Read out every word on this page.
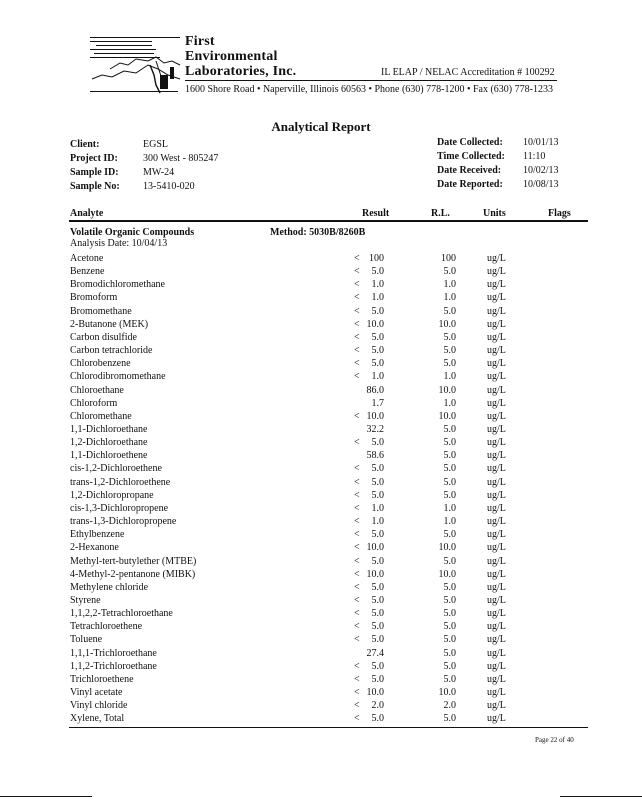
First
Environmental
Laboratories, Inc.	IL ELAP / NELAC Accreditation # 100292
1600 Shore Road • Naperville, Illinois 60563 • Phone (630) 778-1200 • Fax (630) 778-1233
Analytical Report
Client:	EGSL
Project ID:	300 West - 805247
Sample ID: MW-24
Sample No: 13-5410-020
Date Collected: 10/01/13
Time Collected: 11:10
Date Received: 10/02/13
Date Reported: 10/08/13
Analyte	Result	R.L.	Units	Flags
Volatile Organic Compounds	Method: 5030B/8260B
Analysis Date: 10/04/13
Acetone	< 100	100	ug/L
Benzene	<	5.0	5.0	ug/L
Bromodichloromethane	<	1.0	1.0	ug/L
Bromoform	<	1.0	1.0	ug/L
Bromomethane	<	5.0	5.0	ug/L
2-Butanone (MEK)	< 10.0	10.0	ug/L
Carbon disulfide	<	5.0	5.0	ug/L
Carbon tetrachloride	<	5.0	5.0	ug/L
Chlorobenzene	<	5.0	5.0	ug/L
Chlorodibromomethane	<	1.0	1.0	ug/L
Chloroethane	86.0	10.0	ug/L
Chloroform	1.7	1.0	ug/L
Chloromethane	< 10.0	10.0	ug/L
1,1-Dichloroethane	32.2	5.0	ug/L
1,2-Dichloroethane	<	5.0	5.0	ug/L
1,1-Dichloroethene	58.6	5.0	ug/L
cis-1,2-Dichloroethene	<	5.0	5.0	ug/L
trans-1,2-Dichloroethene	<	5.0	5.0	ug/L
1,2-Dichloropropane	<	5.0	5.0	ug/L
cis-1,3-Dichloropropene	<	1.0	1.0	ug/L
trans-1,3-Dichloropropene	<	1.0	1.0	ug/L
Ethylbenzene	<	5.0	5.0	ug/L
2-Hexanone	< 10.0	10.0	ug/L
Methyl-tert-butylether (MTBE)	<	5.0	5.0	ug/L
4-Methyl-2-pentanone (MIBK)	< 10.0	10.0	ug/L
Methylene chloride	<	5.0	5.0	ug/L
Styrene	<	5.0	5.0	ug/L
1,1,2,2-Tetrachloroethane	<	5.0	5.0	ug/L
Tetrachloroethene	<	5.0	5.0	ug/L
Toluene	<	5.0	5.0	ug/L
1,1,1-Trichloroethane	27.4	5.0	ug/L
1,1,2-Trichloroethane	<	5.0	5.0	ug/L
Trichloroethene	<	5.0	5.0	ug/L
Vinyl acetate	< 10.0	10.0	ug/L
Vinyl chloride	<	2.0	2.0	ug/L
Xylene, Total	<	5.0	5.0	ug/L
Page 22 of 40
